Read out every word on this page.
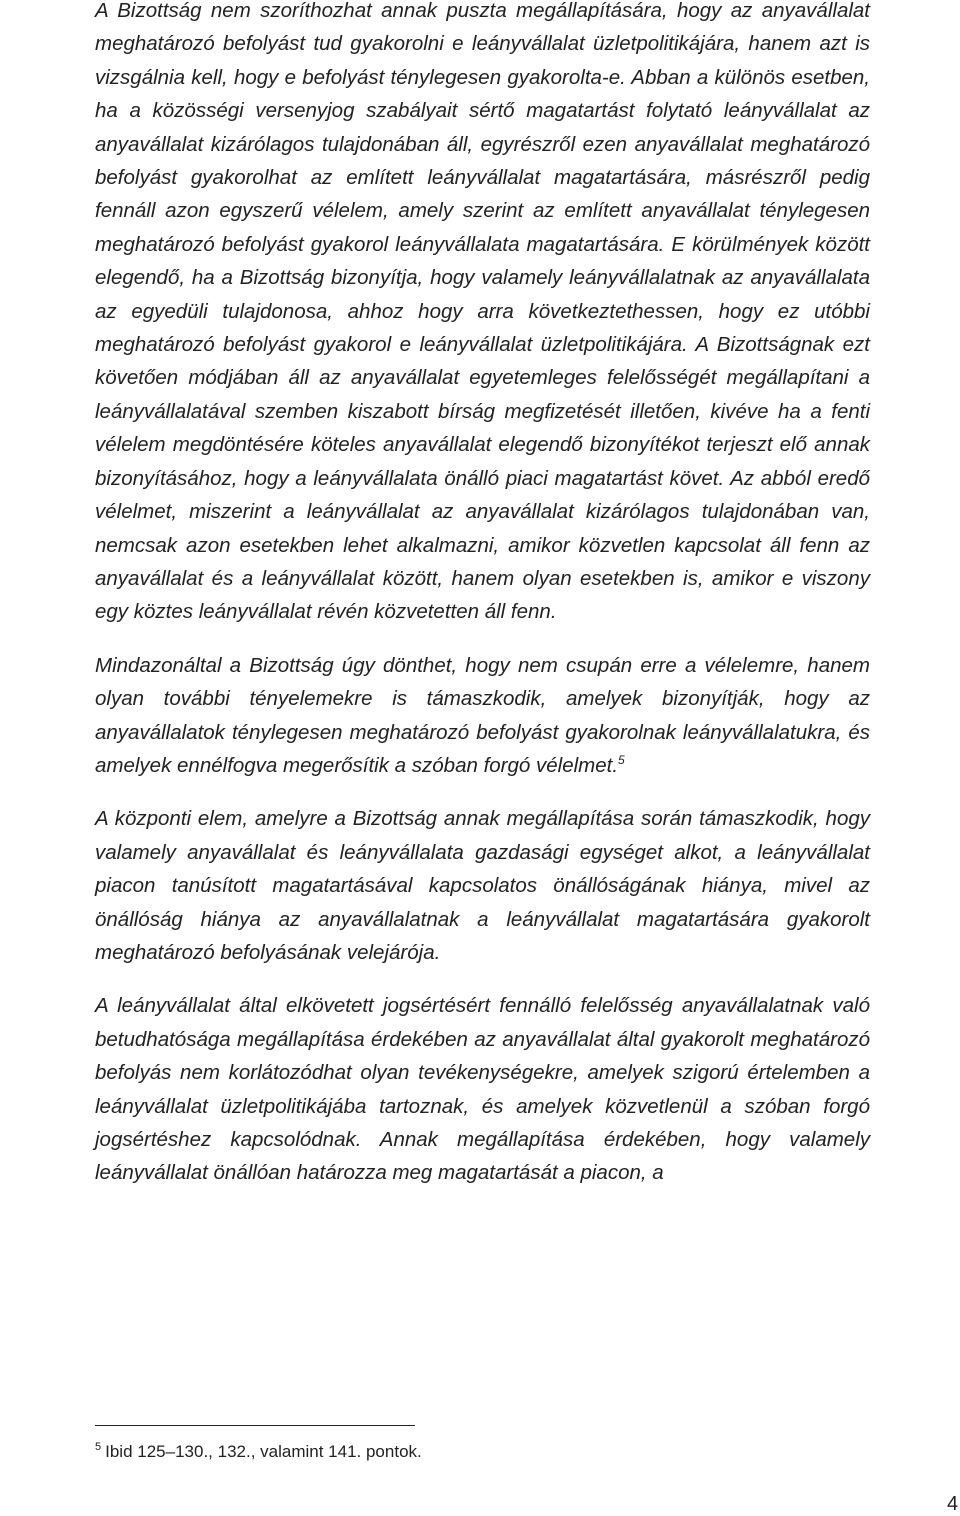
A Bizottság nem szoríthozhat annak puszta megállapítására, hogy az anyavállalat meghatározó befolyást tud gyakorolni e leányvállalat üzletpolitikájára, hanem azt is vizsgálnia kell, hogy e befolyást ténylegesen gyakorolta-e. Abban a különös esetben, ha a közösségi versenyjog szabályait sértő magatartást folytató leányvállalat az anyavállalat kizárólagos tulajdonában áll, egyrészről ezen anyavállalat meghatározó befolyást gyakorolhat az említett leányvállalat magatartására, másrészről pedig fennáll azon egyszerű vélelem, amely szerint az említett anyavállalat ténylegesen meghatározó befolyást gyakorol leányvállalata magatartására. E körülmények között elegendő, ha a Bizottság bizonyítja, hogy valamely leányvállalatnak az anyavállalata az egyedüli tulajdonosa, ahhoz hogy arra következtethessen, hogy ez utóbbi meghatározó befolyást gyakorol e leányvállalat üzletpolitikájára. A Bizottságnak ezt követően módjában áll az anyavállalat egyetemleges felelősségét megállapítani a leányvállalatával szemben kiszabott bírság megfizetését illetően, kivéve ha a fenti vélelem megdöntésére köteles anyavállalat elegendő bizonyítékot terjeszt elő annak bizonyításához, hogy a leányvállalata önálló piaci magatartást követ. Az abból eredő vélelmet, miszerint a leányvállalat az anyavállalat kizárólagos tulajdonában van, nemcsak azon esetekben lehet alkalmazni, amikor közvetlen kapcsolat áll fenn az anyavállalat és a leányvállalat között, hanem olyan esetekben is, amikor e viszony egy köztes leányvállalat révén közvetetten áll fenn.

Mindazonáltal a Bizottság úgy dönthet, hogy nem csupán erre a vélelemre, hanem olyan további tényelemekre is támaszkodik, amelyek bizonyítják, hogy az anyavállalatok ténylegesen meghatározó befolyást gyakorolnak leányvállalatukra, és amelyek ennélfogva megerősítik a szóban forgó vélelmet.$^5$

A központi elem, amelyre a Bizottság annak megállapítása során támaszkodik, hogy valamely anyavállalat és leányvállalata gazdasági egységet alkot, a leányvállalat piacon tanúsított magatartásával kapcsolatos önállóságának hiánya, mivel az önállóság hiánya az anyavállalatnak a leányvállalat magatartására gyakorolt meghatározó befolyásának velejárója.

A leányvállalat által elkövetett jogsértésért fennálló felelősség anyavállalatnak való betudhatósága megállapítása érdekében az anyavállalat által gyakorolt meghatározó befolyás nem korlátozódhat olyan tevékenységekre, amelyek szigorú értelemben a leányvállalat üzletpolitikájába tartoznak, és amelyek közvetlenül a szóban forgó jogsértéshez kapcsolódnak. Annak megállapítása érdekében, hogy valamely leányvállalat önállóan határozza meg magatartását a piacon, a

$^5$ Ibid 125–130., 132., valamint 141. pontok.
4
